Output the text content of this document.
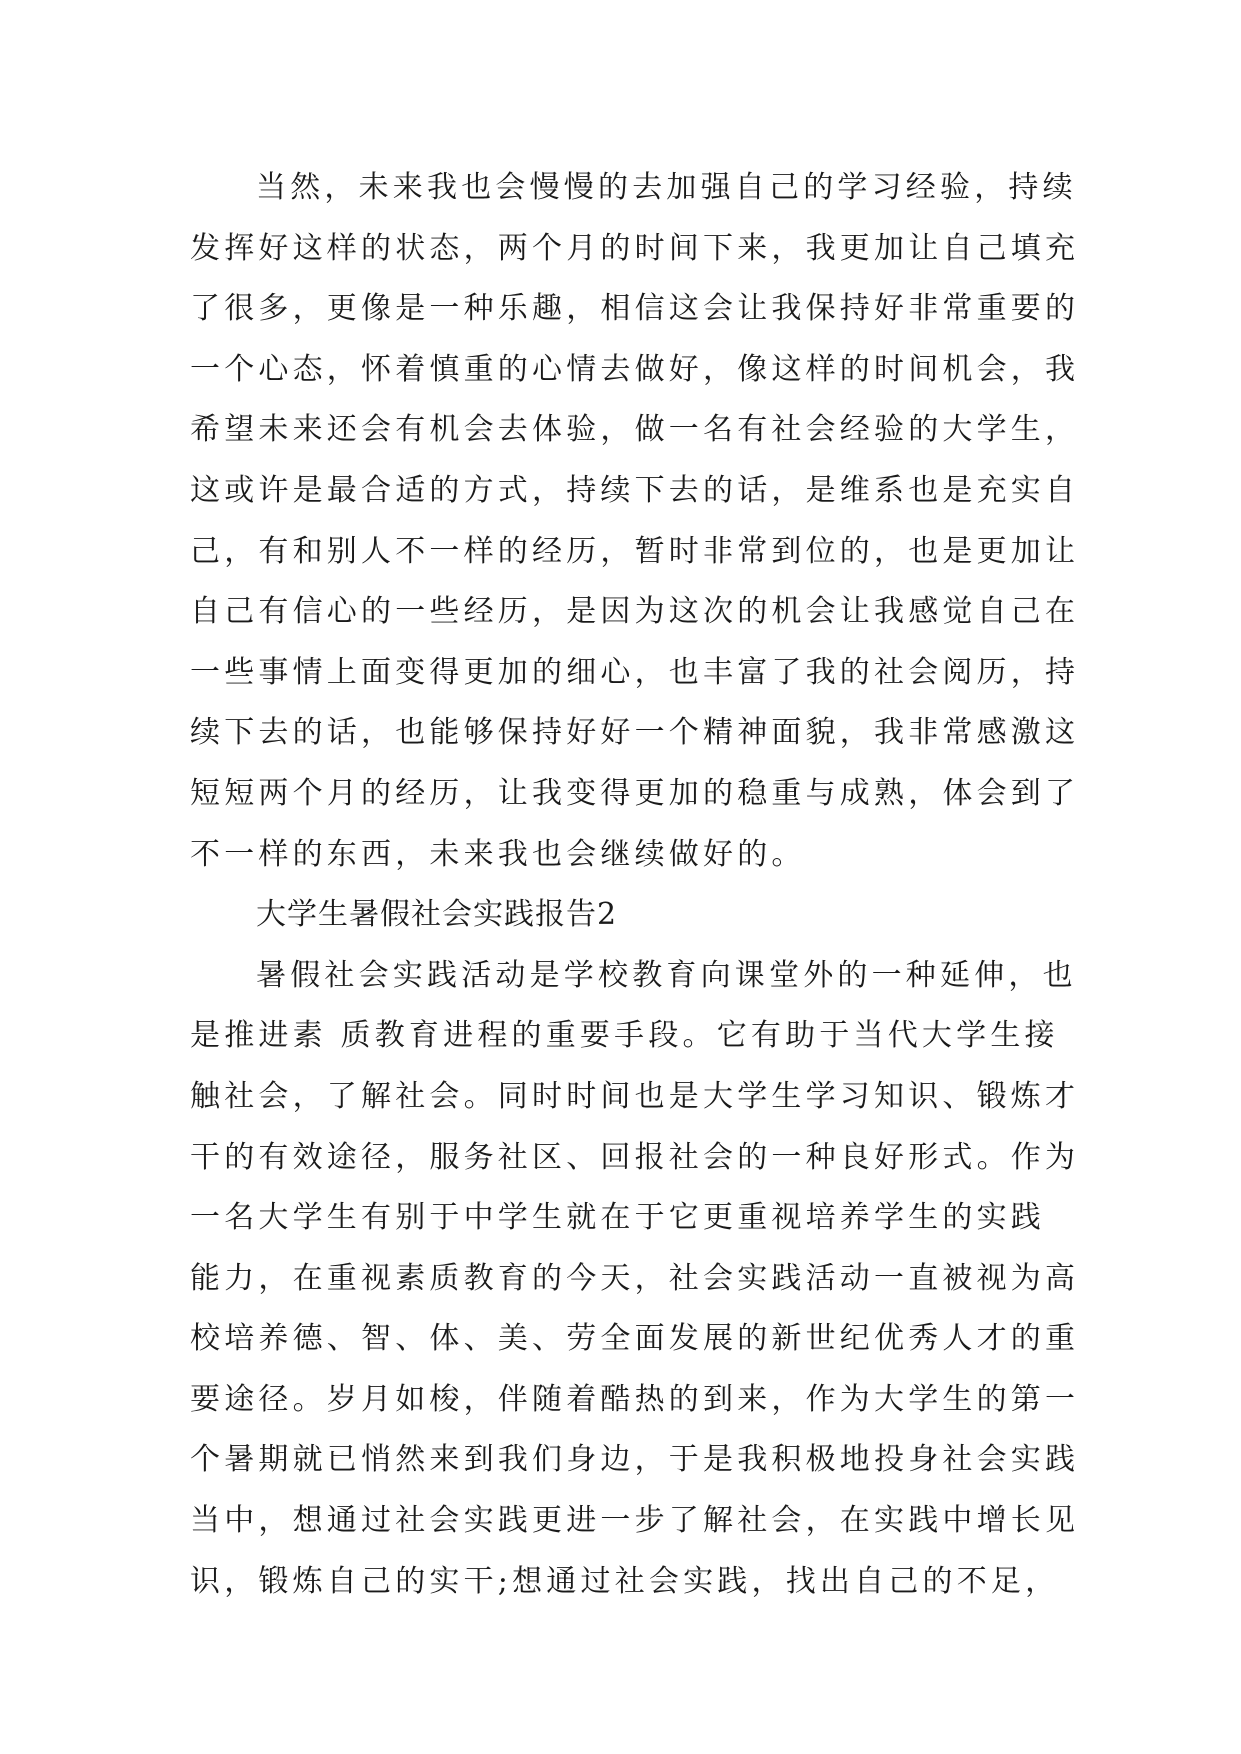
当然，未来我也会慢慢的去加强自己的学习经验，持续
发挥好这样的状态，两个月的时间下来，我更加让自己填充
了很多，更像是一种乐趣，相信这会让我保持好非常重要的
一个心态，怀着慎重的心情去做好，像这样的时间机会，我
希望未来还会有机会去体验，做一名有社会经验的大学生，
这或许是最合适的方式，持续下去的话，是维系也是充实自
己，有和别人不一样的经历，暂时非常到位的，也是更加让
自己有信心的一些经历，是因为这次的机会让我感觉自己在
一些事情上面变得更加的细心，也丰富了我的社会阅历，持
续下去的话，也能够保持好好一个精神面貌，我非常感激这
短短两个月的经历，让我变得更加的稳重与成熟，体会到了
不一样的东西，未来我也会继续做好的。
大学生暑假社会实践报告2
暑假社会实践活动是学校教育向课堂外的一种延伸，也
是推进素 质教育进程的重要手段。它有助于当代大学生接
触社会，了解社会。同时时间也是大学生学习知识、锻炼才
干的有效途径，服务社区、回报社会的一种良好形式。作为
一名大学生有别于中学生就在于它更重视培养学生的实践
能力，在重视素质教育的今天，社会实践活动一直被视为高
校培养德、智、体、美、劳全面发展的新世纪优秀人才的重
要途径。岁月如梭，伴随着酷热的到来，作为大学生的第一
个暑期就已悄然来到我们身边，于是我积极地投身社会实践
当中，想通过社会实践更进一步了解社会，在实践中增长见
识，锻炼自己的实干;想通过社会实践，找出自己的不足，
